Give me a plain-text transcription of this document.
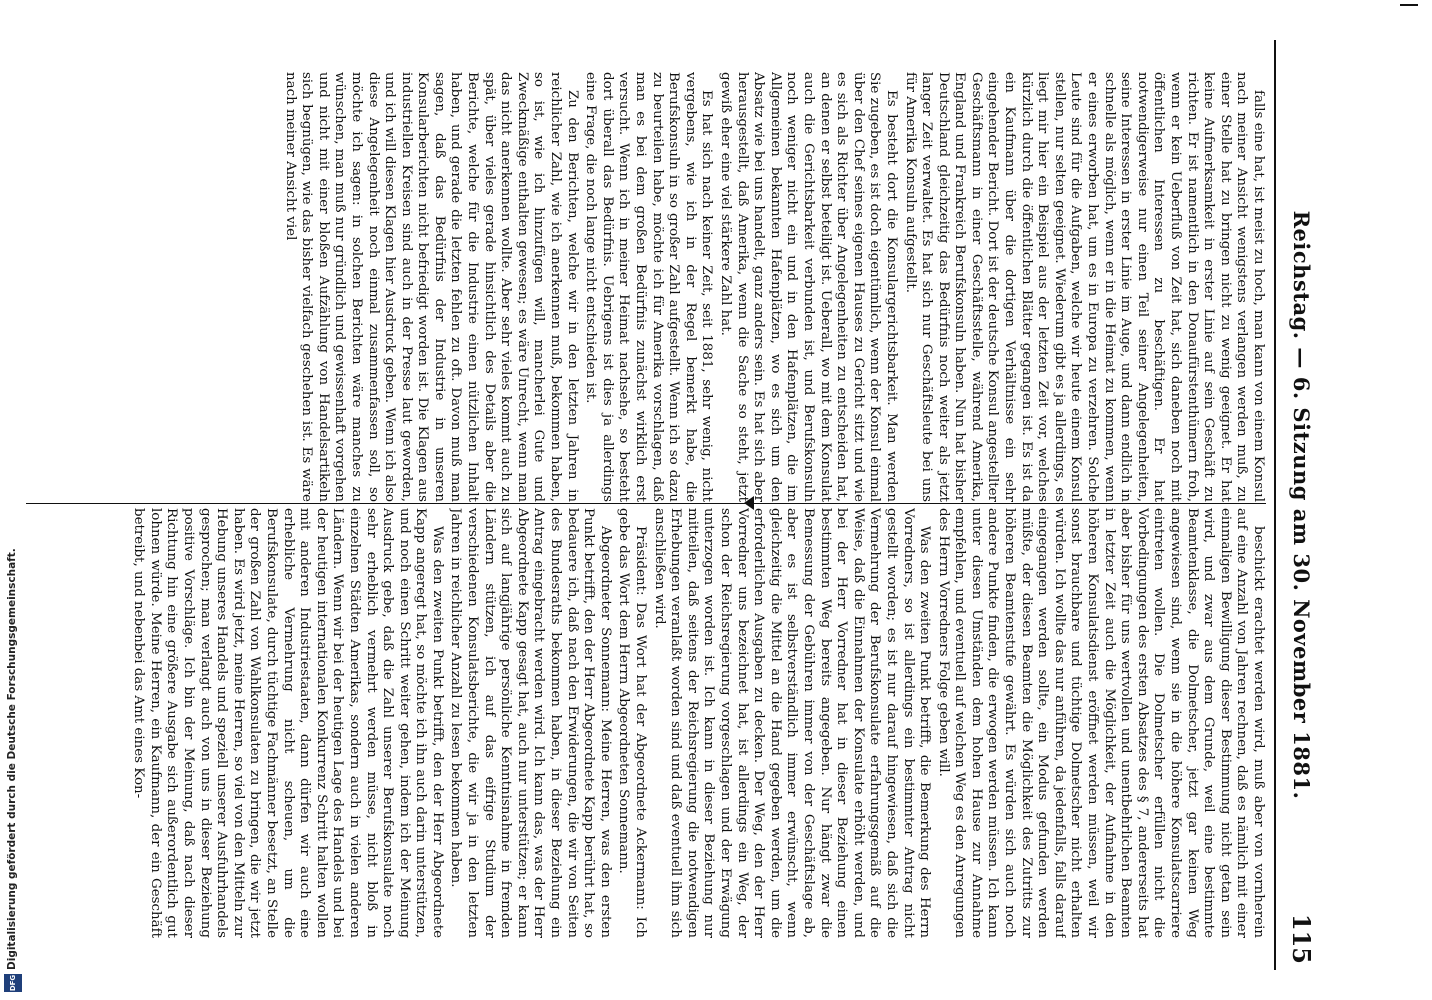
Digitalisierung gefördert durch die Deutsche Forschungsgemeinschaft.
DFG
Reichstag. — 6. Sitzung am 30. November 1881.
115

falls eine hat, ist meist zu hoch, man kann von einem Konsul nach meiner Ansicht wenigstens verlangen werden muß, zu einer Stelle hat zu bringen nicht zu wenig geeignet. Er hat keine Aufmerksamkeit in erster Linie auf sein Geschäft zu richten. Er ist namentlich in den Donaufürstenthümern froh, wenn er kein Ueberfluß von Zeit hat, sich daneben noch mit öffentlichen Interessen zu beschäftigen. Er hat notwendigerweise nur einen Teil seiner Angelegenheiten, seine Interessen in erster Linie im Auge, und dann endlich in schnelle als möglich, wenn er in die Heimat zu kommen, wenn er eines erworben hat, um es in Europa zu verzehren. Solche Leute sind für die Aufgaben, welche wir heute einem Konsul stellen, nur selten geeignet. Wiederum gibt es ja allerdings, es liegt mir hier ein Beispiel aus der letzten Zeit vor, welches kürzlich durch die öffentlichen Blätter gegangen ist. Es ist da ein Kaufmann über die dortigen Verhältnisse ein sehr eingehender Bericht. Dort ist der deutsche Konsul angestellter Geschäftsmann in einer Geschäftsstelle, während Amerika, England und Frankreich Berufskonsuln haben. Nun hat bisher Deutschland gleichzeitig das Bedürfnis noch weiter als jetzt langer Zeit verwaltet. Es hat sich nur Geschäftsleute bei uns für Amerika Konsuln aufgestellt.

Es besteht dort die Konsulargerichtsbarkeit. Man werden Sie zugeben, es ist doch eigentümlich, wenn der Konsul einmal über den Chef seines eigenen Hauses zu Gericht sitzt und wie es sich als Richter über Angelegenheiten zu entscheiden hat, an denen er selbst beteiligt ist. Ueberall, wo mit dem Konsulat auch die Gerichtsbarkeit verbunden ist, und Berufskonsuln noch weniger nicht ein und in den Hafenplätzen, die im Allgemeinen bekannten Hafenplätzen, wo es sich um den Absatz wie bei uns handelt, ganz anders sein. Es hat sich aber herausgestellt, daß Amerika, wenn die Sache so steht, jetzt gewiß eher eine viel stärkere Zahl hat.

Es hat sich nach keiner Zeit, seit 1881, sehr wenig, nicht vergebens, wie ich in der Regel bemerkt habe, die Berufskonsuln in so großer Zahl aufgestellt. Wenn ich so dazu zu beurteilen habe, möchte ich für Amerika vorschlagen, daß man es bei dem großen Bedürfnis zunächst wirklich erst versucht. Wenn ich in meiner Heimat nachsehe, so besteht dort überall das Bedürfnis. Uebrigens ist dies ja allerdings eine Frage, die noch lange nicht entschieden ist.

Zu den Berichten, welche wir in den letzten Jahren in reichlicher Zahl, wie ich anerkennen muß, bekommen haben, so ist, wie ich hinzufügen will, mancherlei Gute und Zweckmäßige enthalten gewesen; es wäre Unrecht, wenn man das nicht anerkennen wollte. Aber sehr vieles kommt auch zu spät, über vieles gerade hinsichtlich des Details aber die Berichte, welche für die Industrie einen nützlichen Inhalt haben, und gerade die letzten fehlen zu oft. Davon muß man sagen, daß das Bedürfnis der Industrie in unseren Konsularberichten nicht befriedigt worden ist. Die Klagen aus industriellen Kreisen sind auch in der Presse laut geworden, und ich will diesen Klagen hier Ausdruck geben. Wenn ich also diese Angelegenheit noch einmal zusammenfassen soll, so möchte ich sagen: in solchen Berichten wäre manches zu wünschen, man muß nur gründlich und gewissenhaft vorgehen und nicht mit einer bloßen Aufzählung von Handelsartikeln sich begnügen, wie das bisher vielfach geschehen ist. Es wäre nach meiner Ansicht viel

beschickt erachtet werden wird, muß aber von vornherein auf eine Anzahl von Jahren rechnen, daß es nämlich mit einer einmaligen Bewilligung dieser Bestimmung nicht getan sein wird, und zwar aus dem Grunde, weil eine bestimmte Beamtenklasse, die Dolmetscher, jetzt gar keinen Weg angewiesen sind, wenn sie in die höhere Konsulatscarriere eintreten wollen. Die Dolmetscher erfüllen nicht die Vorbedingungen des ersten Absatzes des § 7, andererseits hat aber bisher für uns wertvollen und unentbehrlichen Beamten in letzter Zeit auch die Möglichkeit, der Aufnahme in den höheren Konsulatsdienst eröffnet werden müssen, weil wir sonst brauchbare und tüchtige Dolmetscher nicht erhalten würden. Ich wollte das nur anführen, da jedenfalls, falls darauf eingegangen werden sollte, ein Modus gefunden werden müßte, der diesen Beamten die Möglichkeit des Zutritts zur höheren Beamtenstufe gewährt. Es würden sich auch noch andere Punkte finden, die erwogen werden müssen. Ich kann unter diesen Umständen dem hohen Hause zur Annahme empfehlen, und eventuell auf welchen Weg es den Anregungen des Herrn Vorredners Folge geben will.

Was den zweiten Punkt betrifft, die Bemerkung des Herrn Vorredners, so ist allerdings ein bestimmter Antrag nicht gestellt worden; es ist nur darauf hingewiesen, daß sich die Vermehrung der Berufskonsulate erfahrungsgemäß auf die Weise, daß die Einnahmen der Konsulate erhöht werden, und bei der Herr Vorredner hat in dieser Beziehung einen bestimmten Weg bereits angegeben. Nur hängt zwar die Bemessung der Gebühren immer von der Geschäftslage ab, aber es ist selbstverständlich immer erwünscht, wenn gleichzeitig die Mittel an die Hand gegeben werden, um die erforderlichen Ausgaben zu decken. Der Weg, den der Herr Vorredner uns bezeichnet hat, ist allerdings ein Weg, der schon der Reichsregierung vorgeschlagen und der Erwägung unterzogen worden ist. Ich kann in dieser Beziehung nur mitteilen, daß seitens der Reichsregierung die notwendigen Erhebungen veranlaßt worden sind und daß eventuell ihm sich anschließen wird.

Präsident: Das Wort hat der Abgeordnete Ackermann: Ich gebe das Wort dem Herrn Abgeordneten Sonnemann.

Abgeordneter Sonnemann: Meine Herren, was den ersten Punkt betrifft, den der Herr Abgeordnete Kapp berührt hat, so bedauere ich, daß nach den Erwiderungen, die wir von Seiten des Bundesraths bekommen haben, in dieser Beziehung ein Antrag eingebracht werden wird. Ich kann das, was der Herr Abgeordnete Kapp gesagt hat, auch nur unterstützen; er kann sich auf langjährige persönliche Kenntnisnahme in fremden Ländern stützen, ich auf das eifrige Studium der verschiedenen Konsulatsberichte, die wir ja in den letzten Jahren in reichlicher Anzahl zu lesen bekommen haben.

Was den zweiten Punkt betrifft, den der Herr Abgeordnete Kapp angeregt hat, so möchte ich ihn auch darin unterstützen, und noch einen Schritt weiter gehen, indem ich der Meinung Ausdruck gebe, daß die Zahl unserer Berufskonsulate noch sehr erheblich vermehrt werden müsse, nicht bloß in einzelnen Städten Amerikas, sondern auch in vielen anderen Ländern. Wenn wir bei der heutigen Lage des Handels und bei der heutigen internationalen Konkurrenz Schritt halten wollen mit anderen Industriestaaten, dann dürfen wir auch eine erhebliche Vermehrung nicht scheuen, um die Berufskonsulate, durch tüchtige Fachmänner besetzt, an Stelle der großen Zahl von Wahlkonsulaten zu bringen, die wir jetzt haben. Es wird jetzt, meine Herren, so viel von den Mitteln zur Hebung unseres Handels und speziell unserer Ausfuhrhandels gesprochen; man verlangt auch von uns in dieser Beziehung positive Vorschläge. Ich bin der Meinung, daß nach dieser Richtung hin eine größere Ausgabe sich außerordentlich gut lohnen würde. Meine Herren, ein Kaufmann, der ein Geschäft betreibt, und nebenbei das Amt eines Kon-
